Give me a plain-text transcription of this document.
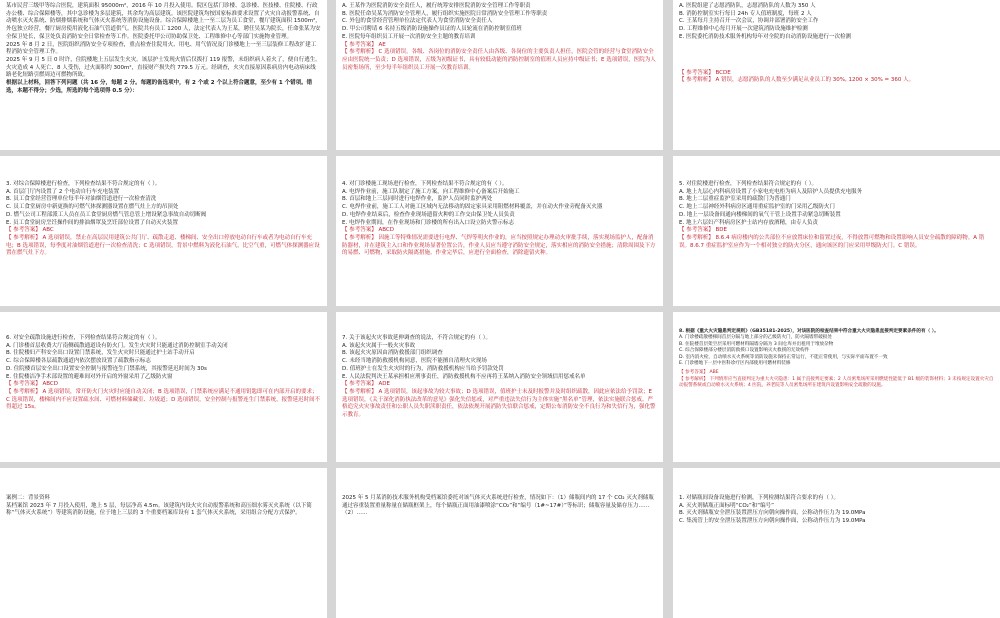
某市民营三级甲等综合医院，建筑面积 95000m²，2016 年 10 月投入使用。院区包括门诊楼、急诊楼、医技楼、住院楼、行政办公楼、综合保障楼等，其中急诊楼为多层建筑，其余均为高层建筑。该医院建筑均按国家标准要求设置了火灾自动报警系统、自动喷水灭火系统、防烟排烟系统和气体灭火系统等消防设施设备。综合保障楼地上一至二层为员工食堂，餐厅建筑面积 1500m²，外包独立经营，餐厅厨房使用液化石油气管道供气。医院共有员工 1200 人，法定代表人为王某，聘任吴某为院长，任命张某为安全保卫处长，保卫处负责消防安全日常检查等工作。医院委托甲公司协助保卫处、工程维修中心等部门实施物业管理。

2025 年 8 月 2 日，医院组织消防安全专项检查，重点检查住院用火、用电、用气情况及门诊楼地上一至三层装修工程改扩建工程消防安全管理工作。

2025 年 9 月 5 日 0 时许，住院楼地上五层发生火灾。该层护士发现火情后仅拨打 119 报警，未组织病人着火了，便自行逃生。火灾造成 4 人死亡、8 人受伤，过火面积约 300m²，直接财产损失约 779.5 万元。经调查，火灾直接原因系病房内电动病床线路老化短路引燃周边可燃物所致。

根据以上材料，回答下列问题（共 16 分，每题 2 分。每题的备选项中，有 2 个或 2 个以上符合题意，至少有 1 个错项。错选，本题不得分；少选，所选的每个选项得 0.5 分）：

A. 王某作为医院消防安全责任人，履行统筹安排医院消防安全管理工作等职责

B. 医院任命吴某为消防安全管理人，履行组织实施医院日常消防安全管理工作等职责

C. 外包的食堂经营管理单位法定代表人为食堂消防安全责任人

D. 甲公司聘请 6 名持五级消防设施操作员证的人员轮流在消防控制室值班

E. 医院每年组织员工开展一次消防安全主题的教育培训

【 参考答案】 AE

【 参考解析】 C 选项错误。各级、各岗位的消防安全责任人由各级、各岗位的主要负责人担任，医院会管的经营与食堂消防安全应由医院统一负责；D 选项错误，五级为初级证书，具有较低动能的消防控制室的值班人员应持中级证书；E 选项错误，医院为人员密集场所，至少每半年组织员工开展一次教育培训。

A. 医院组建了志愿消防队，志愿消防队的人数为 350 人

B. 消防控制室实行每日 24h 专人值班制度，每班 2 人

C. 王某每月主持召开一次会议，协调并部署消防安全工作

D. 工程维修中心每月开展一次建筑消防设施维护检测

E. 医院委托消防技术服务机构每年对全院的自动消防设施进行一次检测

【 参考答案】 BCDE

【 参考解析】 A 错误，志愿消防队的人数至少满足从业员工的 30%, 1200 × 30% = 360 人。

3. 对综合保障楼进行检查，下列检查结果不符合规定的有（ ）。

A. 首层门厅内设置了 2 个电动自行车充电装置

B. 员工食堂经营管理单位每半年对油烟管道进行一次检查清洗

C. 员工食堂厨房中新更换的可燃气体探测器设置在燃气灶上方的吊顶处

D. 燃气公司工程部派工人员在员工食堂厨房燃气管总管上增设紧急事故自动切断阀

E. 员工食堂厨房烹饪操作间的排油烟罩及烹饪部位设置了自动灭火装置

【 参考答案】 ABC

【 参考解析】 A 选项错误，禁止在高层民用建筑公共门厅、疏散走道、楼梯间、安全出口停放电动自行车或者为电动自行车充电；B 选项错误，每季度对油烟管道进行一次检查清洗；C 选项错误，背景中燃料为液化石油气，比空气重，可燃气体探测器应设置在燃气灶下方。

4. 对门诊楼施工现场进行检查，下列检查结果不符合规定的有（ ）。

A. 电焊作业前，施工队制定了施工方案，向工程维修中心备案后开始施工

B. 首层和地上三层同时进行电焊作业，监护人员同时监护两处

C. 电焊作业前，施工工人对施工区域内无法移动的固定家具采用阻燃材料覆盖，并在动火作业旁配备灭火器

D. 电焊作业结束后，检查作业现场遗留火种的工作交由保卫处人员负责

E. 电焊作业期间，在作业现场和门诊楼的所有出入口设立防火警示标志

【 参考答案】 ABCD

【 参考解析】 因施工等特殊情况需要进行电焊、气焊等明火作业的，应当按照规定办理动火审批手续，落实现场监护人，配备消防器材，并在建筑主入口和作业现场显著位置公告，作业人员应当遵守消防安全规定，落实相应的消防安全措施；清除周围及下方的易燃、可燃物，采取防火隔离措施。作业完毕后，应进行全面检查，消除遗留火种。

5. 对住院楼进行检查，下列检查结果符合规定的有（ ）。

A. 地上九层心内科病房设置了小家电充电柜为病人及陪护人员提供充电服务

B. 地上二层重症监护室采用的疏散门为普通门

C. 地上二层神经外科病房区通用重症监护室的门采用乙级防火门

D. 地上一层设备间通向楼梯间的氧气干管上设置手动紧急切断装置

E. 地上六层妇产科病房区护士站内存放酒精，由专人负责

【 参考答案】 BDE

【 参考解析】 8.6.4 病房楼内的公共部位不应放置床位和留置过夜，不得放置可燃物和设置影响人员安全疏散的障碍物。A 错误。8.6.7 重症监护室应作为一个相对独立的防火分区，通向该区的门应采用甲级防火门。C 错误。

6. 对安全疏散设施进行检查，下列检查结果符合规定的有（ ）。

A. 门诊楼首层收费大厅南侧疏散通道设有防火门，发生火灾时只能通过消防控制室手动关闭

B. 住院楼妇产科安全出口设置门禁系统，发生火灾时只能通过护士站手动开启

C. 综合保障楼各层疏散通道内依次摆放设置了疏散指示标志

D. 住院楼首层安全出口设置安全控制与报警连生门禁系统，其报警延迟时间为 30s

E. 住院楼洁净手术部设置的避难间对外开启的外窗采用了乙级防火窗

【 参考答案】 ABCD

【 参考解析】 A 选项错误，常开防火门火灾时应能自动关闭；B 选项错误，门禁系统应满足不通用钥匙即可在内部开启的要求；C 选项错误，楼梯间内不应设置疏水间、可燃材料储藏室、垃圾道；D 选项错误，安全控制与报警连生门禁系统，报警延迟时间不得超过 15s。

7. 关于该起火灾事故延伸调查的说法，不符合规定的有（ ）。

A. 该起火灾属于一般火灾事故

B. 该起火灾原因由消防救援部门组织调查

C. 未经当地消防救援机构同意，医院不能擅自清理火灾现场

D. 值班护士在发生火灾时的行为，消防救援机构应当给予罚款处罚

E. 人民法院判决王某承担相应刑事责任，消防救援机构不应再将王某纳入消防安全领域信用惩戒名单

【 参考答案】 ADE

【 参考解析】 A 选项错误，该起事故为较大事故；D 选项错误，值班护士未及时报警并及时组织疏散，因此应依法给予罚款；E 选项错误，《关于深化消防执法改革的意见》强化失信惩戒，对严重违法失信行为主体实施“黑名单”管理，依法实施联合惩戒。严格追究火灾事故责任和公职人员失职渎职责任，依法依规开展消防失信联合惩戒，定期公布消防安全不良行为和失信行为，强化警示教育。

8. 根据《重大火灾隐患判定规则》（GB35181-2025），对该医院的检查结果中符合重大火灾隐患直接判定要素条件的有（ ）。

A. 门诊楼疏散楼梯间首层分隔与地上部分的乙级防火门，防火隔墙带破损处

B. 住院楼首层架空层采用可燃材料隔墙分隔为 3 间仓库并出租用于堆放杂物

C. 综合保障楼部分楼层消防救援口设置影响灭火救援的无效构件

D. 室内消火栓，自动喷水灭火系统等消防设施未保持正常运行，不能正常使用，与实际平面布置不一致

E. 门诊楼地下一层中医科诊疗区内部使用可燃材料装修

【 参考答案】 ABE

【 参考解析】 下列情形应当直接判定为重大火灾隐患：1 属于直接判定要素；2 人员密集场所采用燃烧性能低于 B1 级的装饰材料；3 未按规定设置火灾自动报警系统或自动喷水灭火系统；4 医院、养老院等人员密集场所在建筑内设置影响安全疏散的设施。

案例二：背景资料

某档案馆 2023 年 7 月投入使用，地上 5 层，每层净高 4.5m。该建筑内设火灾自动报警系统和高压细水雾灭火系统（以下简称“气体灭火系统”）等建筑消防设施，位于地上三层的 3 个重要档案库设有 1 套气体灭火系统，采用组合分配方式保护。

2025 年 5 月某消防技术服务机构受档案馆委托对该气体灭火系统进行检查，情况如下：（1）储瓶间内的 17 个 CO₂ 灭火剂储瓶通过容重装置重量称量在储瓶框架上，每个储瓶正面用油漆喷涂“CO₂”和“编号（1#~17#）”等标识；储瓶容量及储存压力……（2）……

1. 对储瓶间设备设施进行检测，下列检测结果符合要求的有（ ）。

A. 灭火剂储瓶正面标明“CO₂”和“编号”

B. 灭火剂储瓶安全泄压装置泄压方向朝向操作面，公称动作压力为 19.0MPa

C. 集流管上的安全泄压装置泄压方向朝向操作面，公称动作压力为 19.0MPa
